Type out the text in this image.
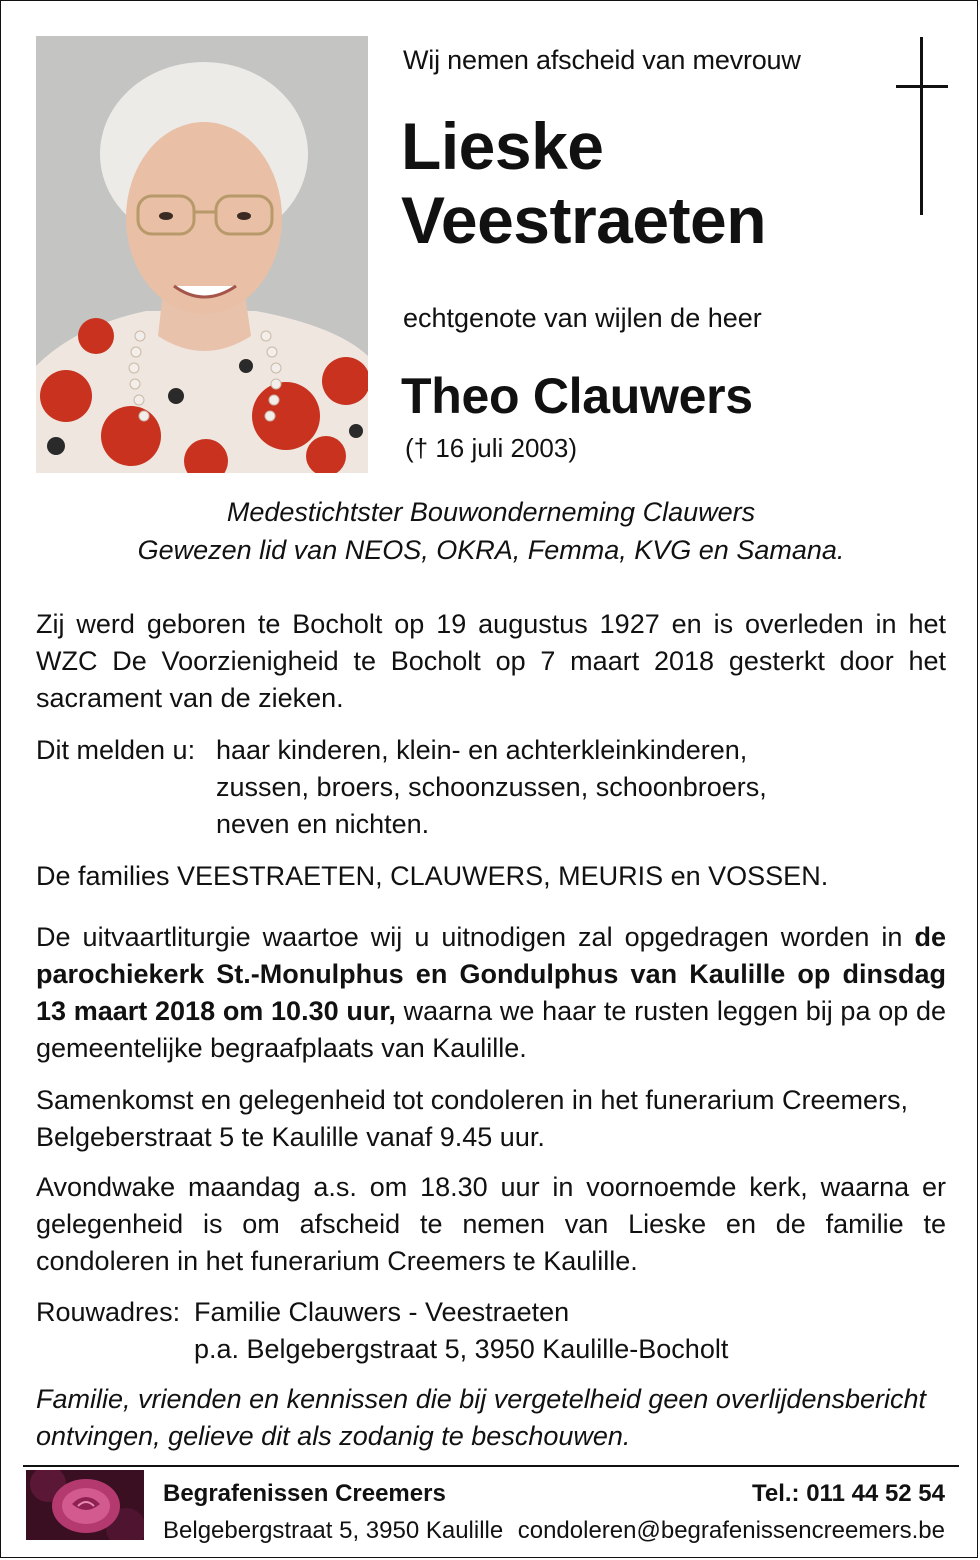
Wij nemen afscheid van mevrouw
Lieske
Veestraeten
echtgenote van wijlen de heer
Theo Clauwers
(† 16 juli 2003)
Medestichtster Bouwonderneming Clauwers
Gewezen lid van NEOS, OKRA, Femma, KVG en Samana.
Zij werd geboren te Bocholt op 19 augustus 1927 en is overleden in het WZC De Voorzienigheid te Bocholt op 7 maart 2018 gesterkt door het sacrament van de zieken.
Dit melden u: haar kinderen, klein- en achterkleinkinderen,
zussen, broers, schoonzussen, schoonbroers,
neven en nichten.
De families VEESTRAETEN, CLAUWERS, MEURIS en VOSSEN.
De uitvaartliturgie waartoe wij u uitnodigen zal opgedragen worden in de parochiekerk St.-Monulphus en Gondulphus van Kaulille op dinsdag 13 maart 2018 om 10.30 uur, waarna we haar te rusten leggen bij pa op de gemeentelijke begraafplaats van Kaulille.
Samenkomst en gelegenheid tot condoleren in het funerarium Creemers, Belgeberstraat 5 te Kaulille vanaf 9.45 uur.
Avondwake maandag a.s. om 18.30 uur in voornoemde kerk, waarna er gelegenheid is om afscheid te nemen van Lieske en de familie te condoleren in het funerarium Creemers te Kaulille.
Rouwadres: Familie Clauwers - Veestraeten
p.a. Belgebergstraat 5, 3950 Kaulille-Bocholt
Familie, vrienden en kennissen die bij vergetelheid geen overlijdensbericht ontvingen, gelieve dit als zodanig te beschouwen.
Begrafenissen Creemers
Belgebergstraat 5, 3950 Kaulille
Tel.: 011 44 52 54
condoleren@begrafenissencreemers.be
